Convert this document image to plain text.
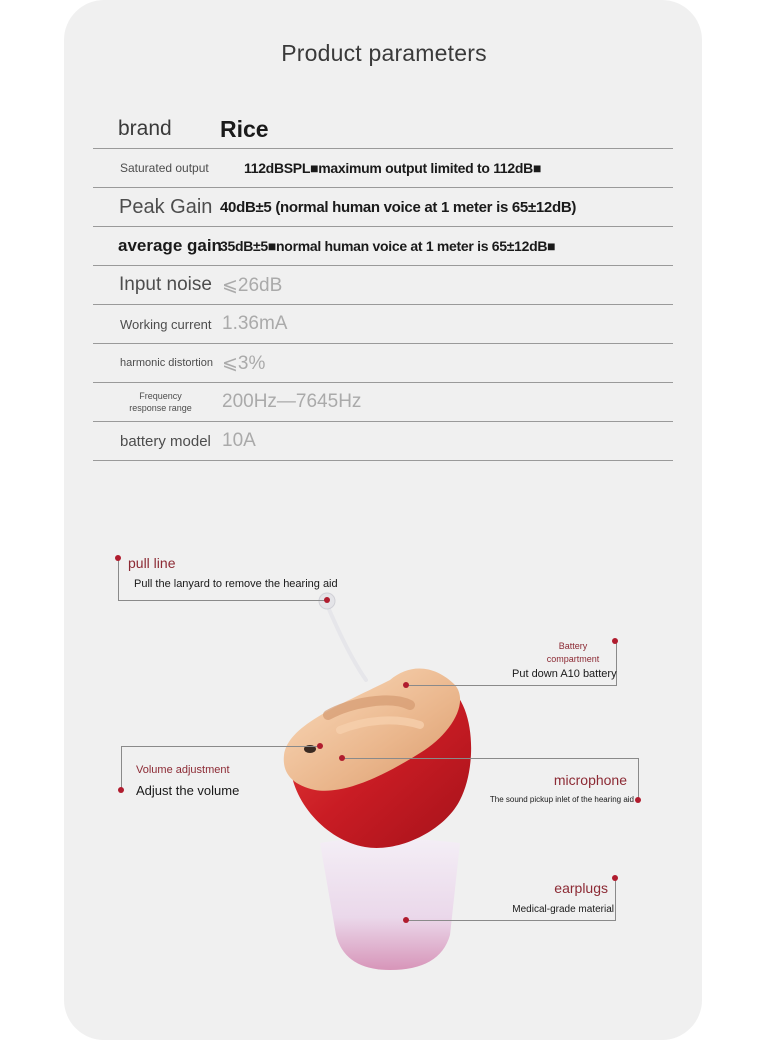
Product parameters
brand Rice
Saturated output	112dBSPL■maximum output limited to 112dB■
Peak Gain 40dB±5 (normal human voice at 1 meter is 65±12dB)
average gain
35dB±5■normal human voice at 1 meter is 65±12dB■
Input noise ⩽26dB
Working current 1.36mA
harmonic distortion ⩽3%
Frequency response range	200Hz—7645Hz
battery model 10A
pull line
Pull the lanyard to remove the hearing aid
Battery compartment
Put down A10 battery
Volume adjustment
Adjust the volume
microphone
The sound pickup inlet of the hearing aid
earplugs
Medical-grade material
